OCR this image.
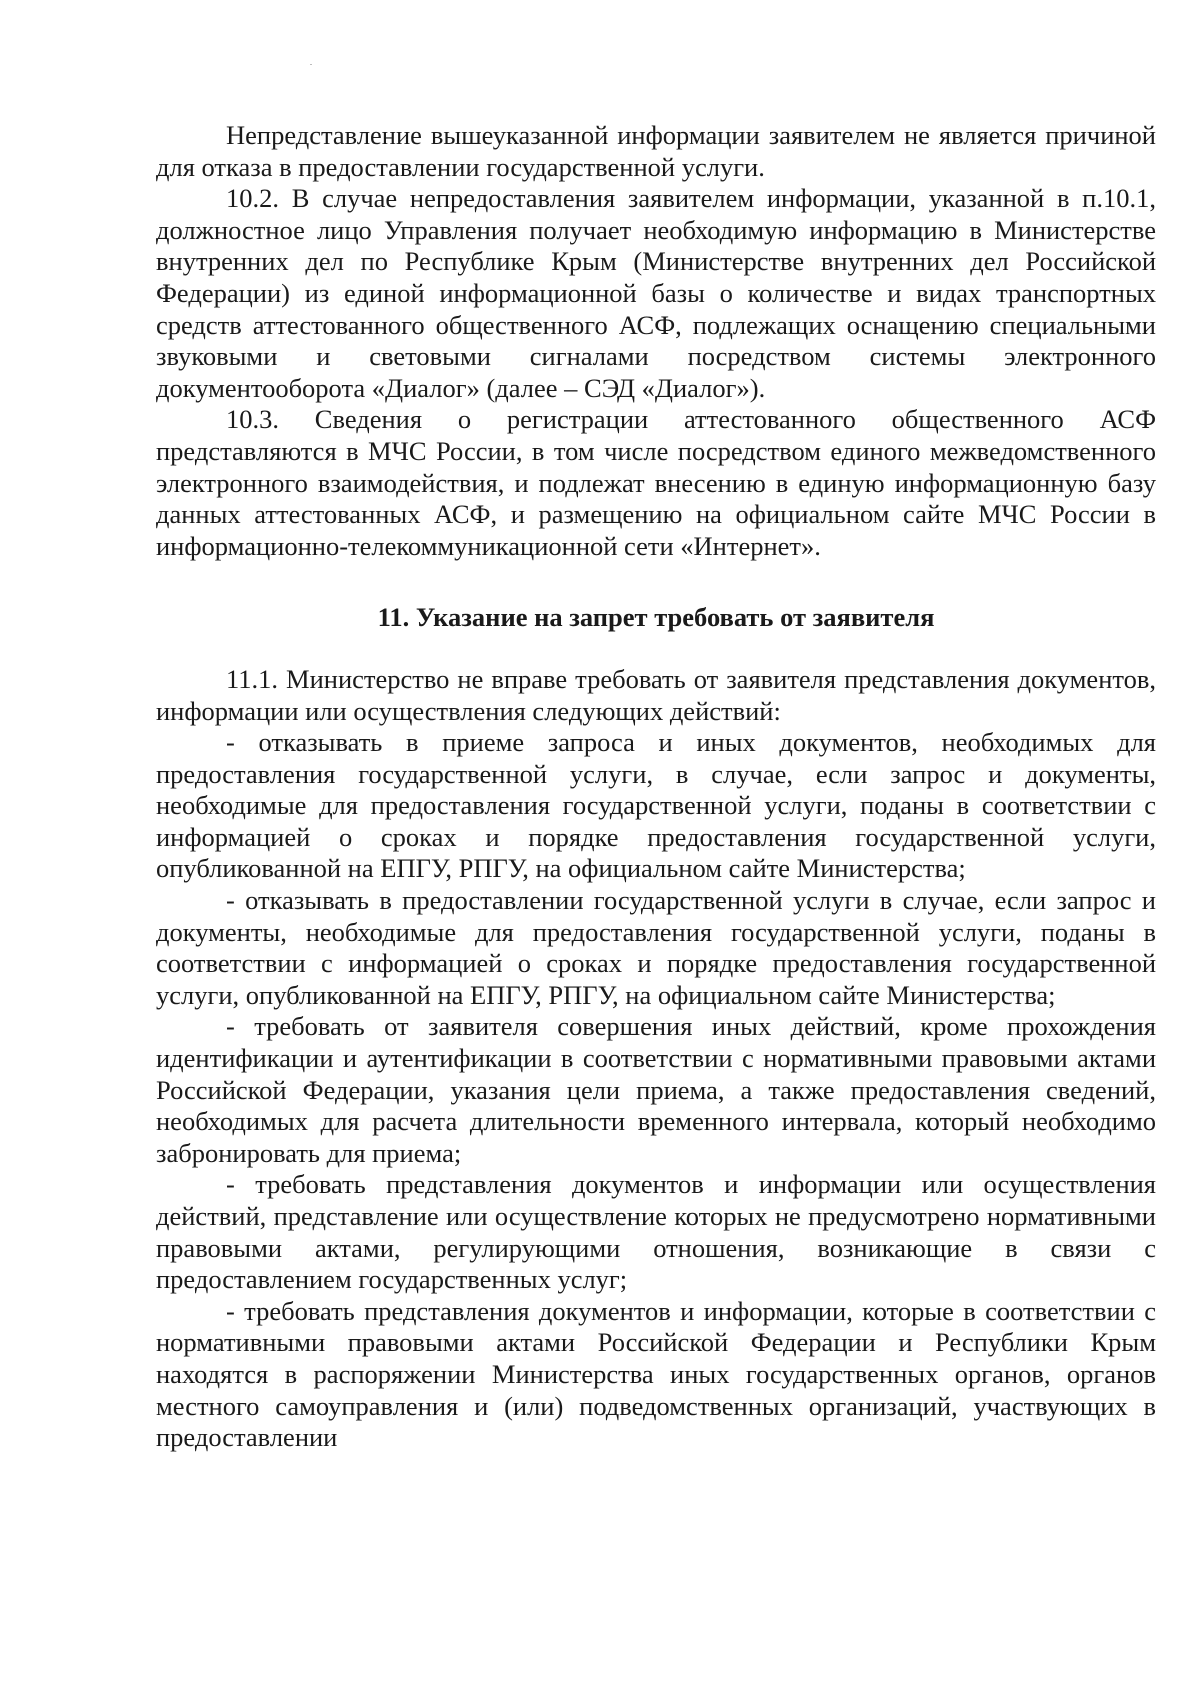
Непредставление вышеуказанной информации заявителем не является причиной для отказа в предоставлении государственной услуги.

10.2. В случае непредоставления заявителем информации, указанной в п.10.1, должностное лицо Управления получает необходимую информацию в Министерстве внутренних дел по Республике Крым (Министерстве внутренних дел Российской Федерации) из единой информационной базы о количестве и видах транспортных средств аттестованного общественного АСФ, подлежащих оснащению специальными звуковыми и световыми сигналами посредством системы электронного документооборота «Диалог» (далее – СЭД «Диалог»).

10.3. Сведения о регистрации аттестованного общественного АСФ представляются в МЧС России, в том числе посредством единого межведомственного электронного взаимодействия, и подлежат внесению в единую информационную базу данных аттестованных АСФ, и размещению на официальном сайте МЧС России в информационно-телекоммуникационной сети «Интернет».

11. Указание на запрет требовать от заявителя

11.1. Министерство не вправе требовать от заявителя представления документов, информации или осуществления следующих действий:

- отказывать в приеме запроса и иных документов, необходимых для предоставления государственной услуги, в случае, если запрос и документы, необходимые для предоставления государственной услуги, поданы в соответствии с информацией о сроках и порядке предоставления государственной услуги, опубликованной на ЕПГУ, РПГУ, на официальном сайте Министерства;

- отказывать в предоставлении государственной услуги в случае, если запрос и документы, необходимые для предоставления государственной услуги, поданы в соответствии с информацией о сроках и порядке предоставления государственной услуги, опубликованной на ЕПГУ, РПГУ, на официальном сайте Министерства;

- требовать от заявителя совершения иных действий, кроме прохождения идентификации и аутентификации в соответствии с нормативными правовыми актами Российской Федерации, указания цели приема, а также предоставления сведений, необходимых для расчета длительности временного интервала, который необходимо забронировать для приема;

- требовать представления документов и информации или осуществления действий, представление или осуществление которых не предусмотрено нормативными правовыми актами, регулирующими отношения, возникающие в связи с предоставлением государственных услуг;

- требовать представления документов и информации, которые в соответствии с нормативными правовыми актами Российской Федерации и Республики Крым находятся в распоряжении Министерства иных государственных органов, органов местного самоуправления и (или) подведомственных организаций, участвующих в предоставлении
